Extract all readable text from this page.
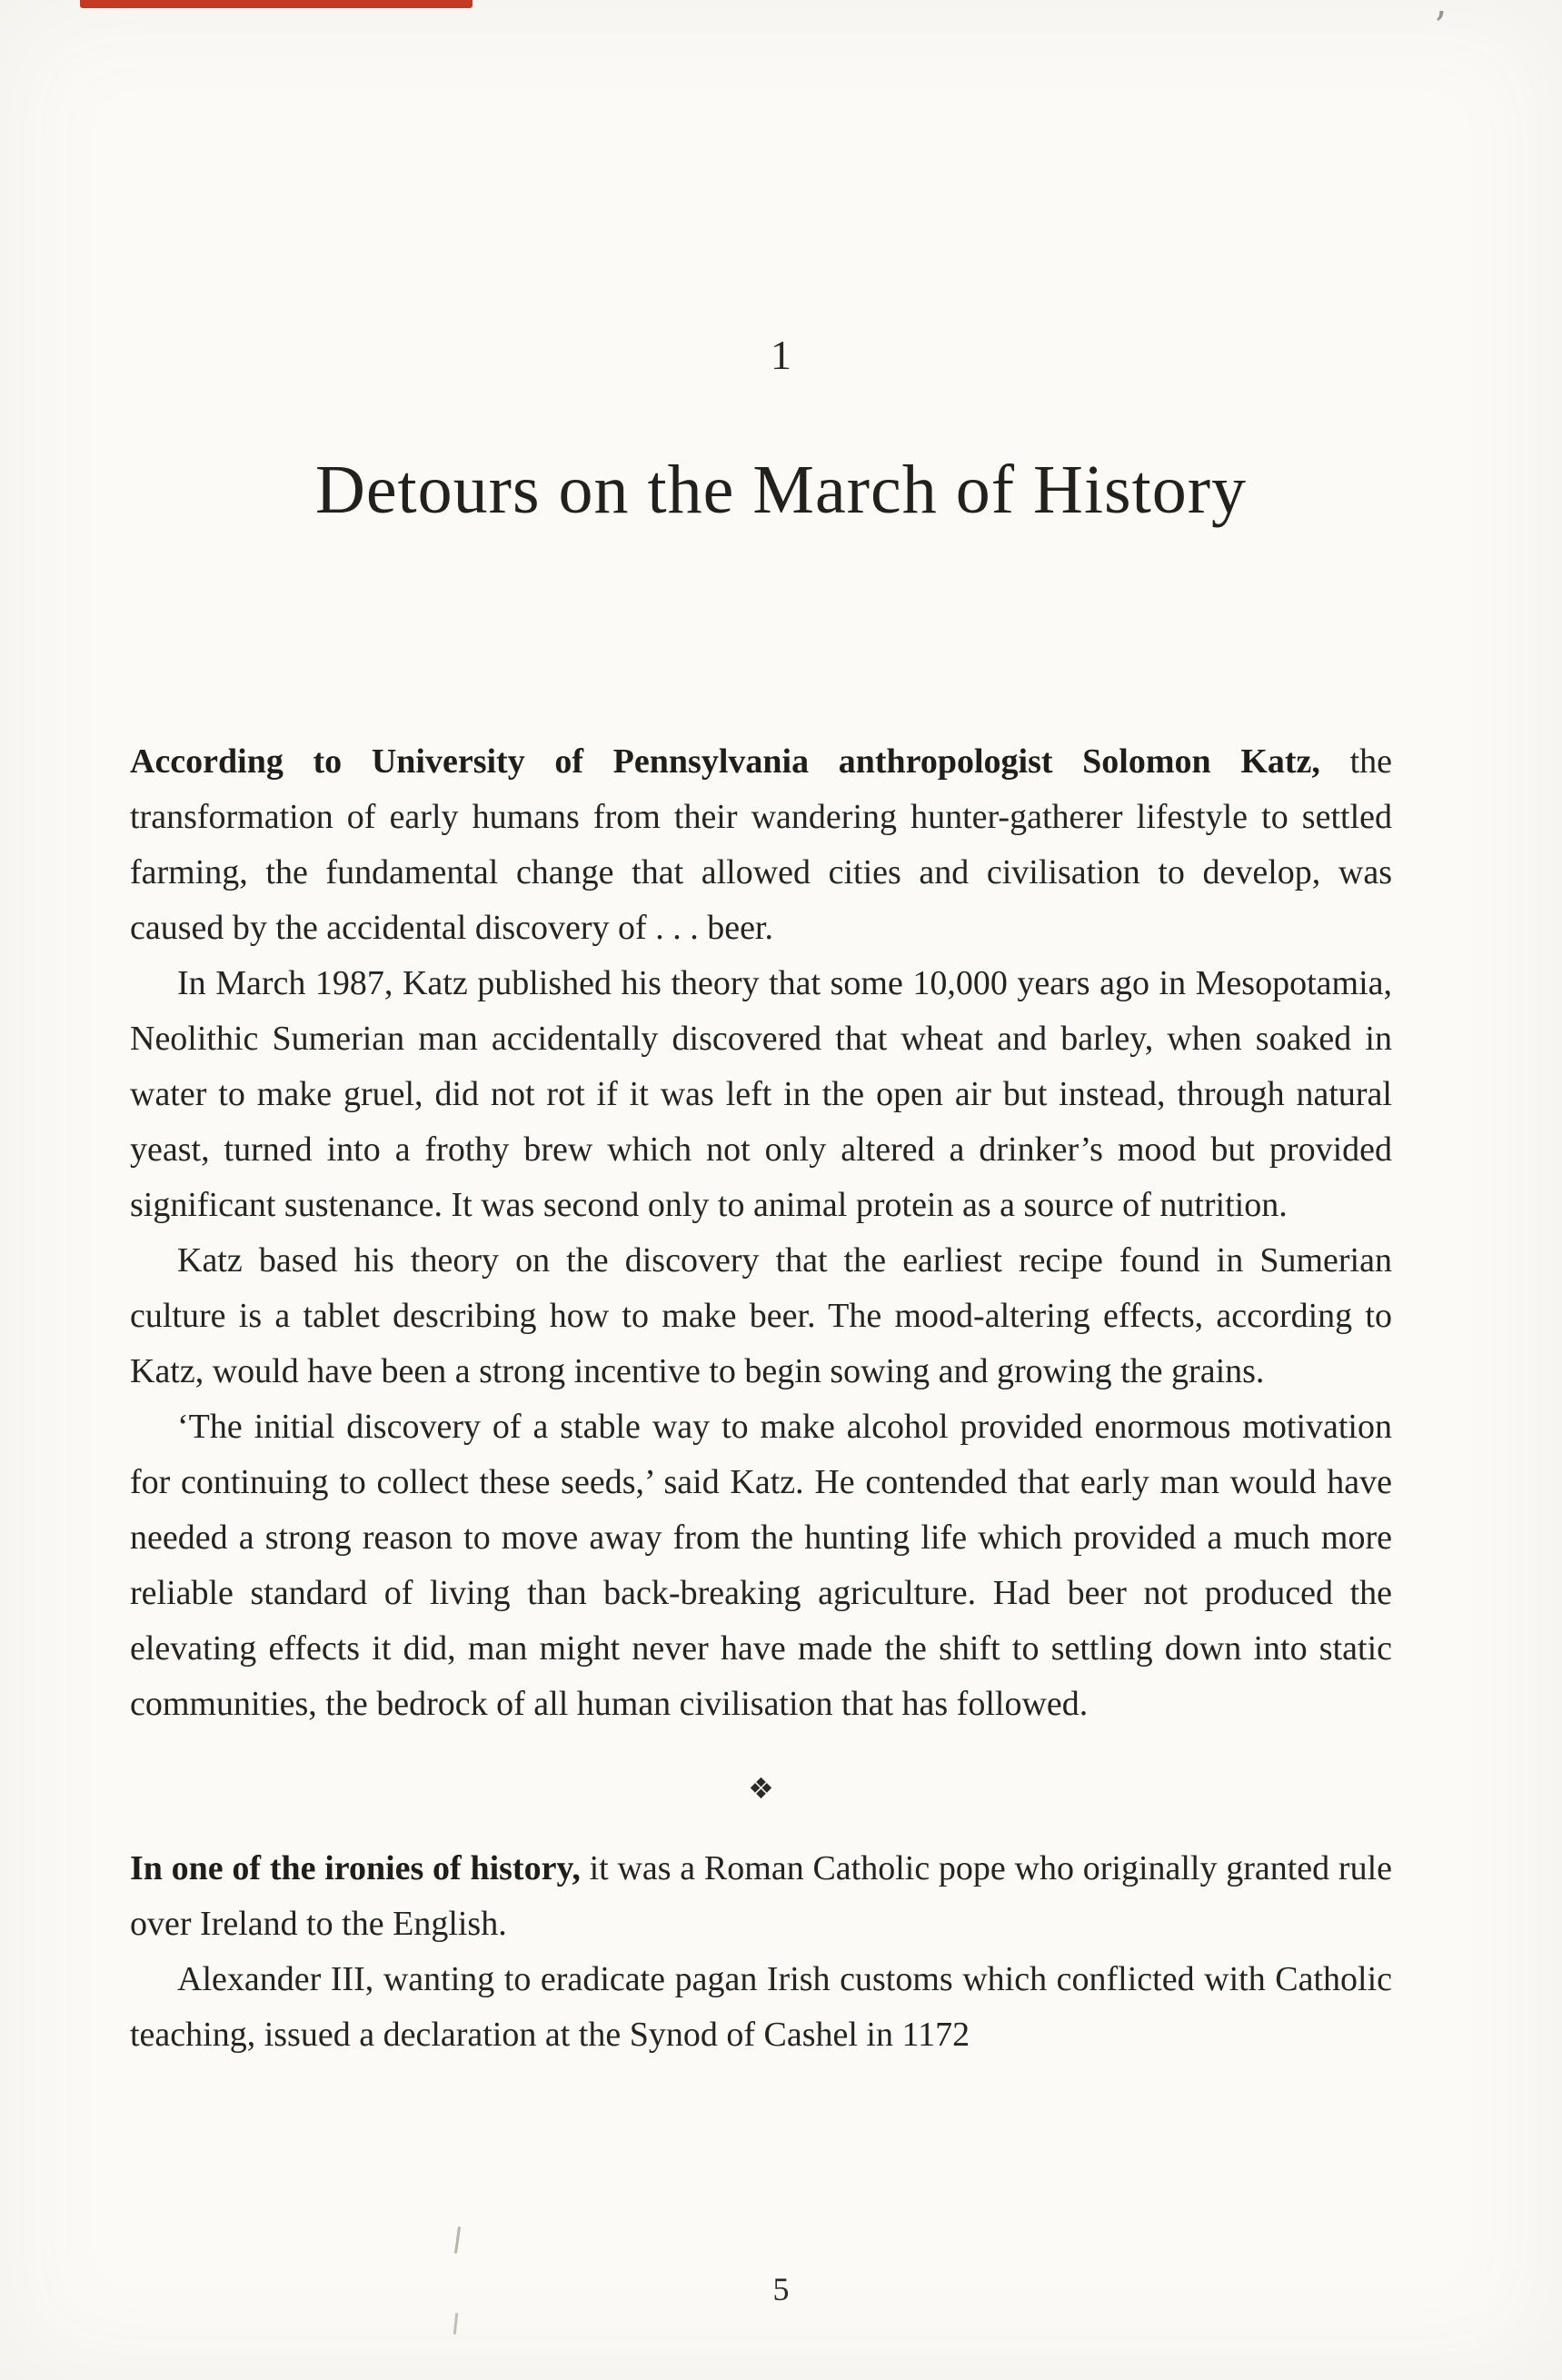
’
1
Detours on the March of History

According to University of Pennsylvania anthropologist Solomon Katz, the transformation of early humans from their wandering hunter-gatherer lifestyle to settled farming, the fundamental change that allowed cities and civilisation to develop, was caused by the accidental discovery of . . . beer.

In March 1987, Katz published his theory that some 10,000 years ago in Mesopotamia, Neolithic Sumerian man accidentally discovered that wheat and barley, when soaked in water to make gruel, did not rot if it was left in the open air but instead, through natural yeast, turned into a frothy brew which not only altered a drinker’s mood but provided significant sustenance. It was second only to animal protein as a source of nutrition.

Katz based his theory on the discovery that the earliest recipe found in Sumerian culture is a tablet describing how to make beer. The mood-altering effects, according to Katz, would have been a strong incentive to begin sowing and growing the grains.

‘The initial discovery of a stable way to make alcohol provided enormous motivation for continuing to collect these seeds,’ said Katz. He contended that early man would have needed a strong reason to move away from the hunting life which provided a much more reliable standard of living than back-breaking agriculture. Had beer not produced the elevating effects it did, man might never have made the shift to settling down into static communities, the bedrock of all human civilisation that has followed.

❖

In one of the ironies of history, it was a Roman Catholic pope who originally granted rule over Ireland to the English.

Alexander III, wanting to eradicate pagan Irish customs which conflicted with Catholic teaching, issued a declaration at the Synod of Cashel in 1172

5
